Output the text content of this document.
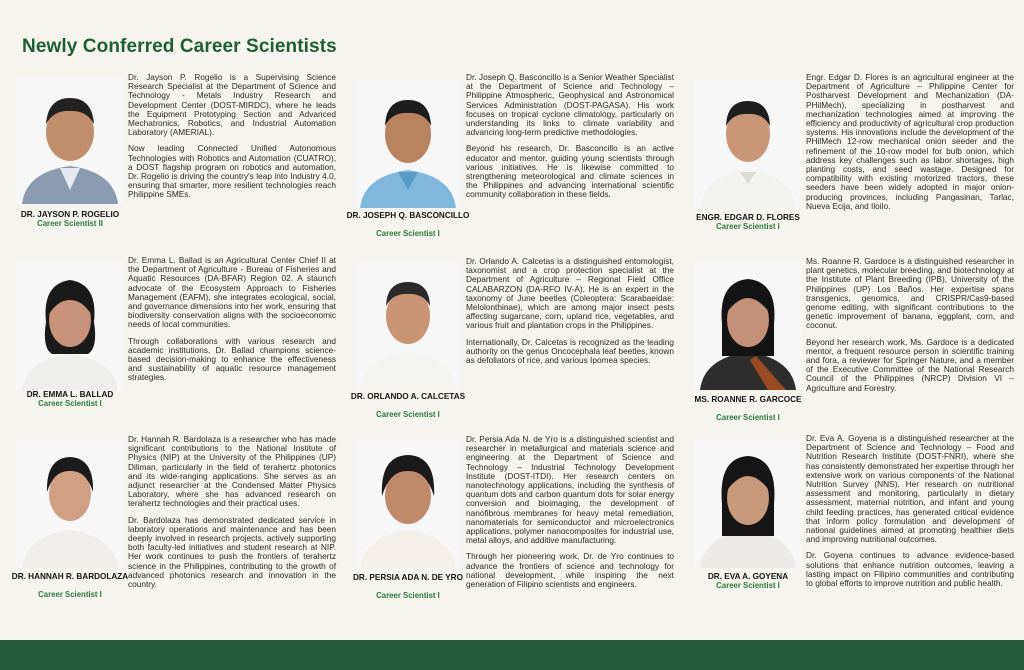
Newly Conferred Career Scientists
DR. JAYSON P. ROGELIO
Career Scientist II

Dr. Jayson P. Rogelio is a Supervising Science Research Specialist at the Department of Science and Technology - Metals Industry Research and Development Center (DOST-MIRDC), where he leads the Equipment Prototyping Section and Advanced Mechatronics, Robotics, and Industrial Automation Laboratory (AMERIAL).

Now leading Connected Unified Autonomous Technologies with Robotics and Automation (CUATRO), a DOST flagship program on robotics and automation, Dr. Rogelio is driving the country's leap into Industry 4.0, ensuring that smarter, more resilient technologies reach Philippine SMEs.

DR. JOSEPH Q. BASCONCILLO
Career Scientist I

Dr. Joseph Q. Basconcillo is a Senior Weather Specialist at the Department of Science and Technology – Philippine Atmospheric, Geophysical and Astronomical Services Administration (DOST-PAGASA). His work focuses on tropical cyclone climatology, particularly on understanding its links to climate variability and advancing long-term predictive methodologies.

Beyond his research, Dr. Basconcillo is an active educator and mentor, guiding young scientists through various initiatives. He is likewise committed to strengthening meteorological and climate sciences in the Philippines and advancing international scientific community collaboration in these fields.

ENGR. EDGAR D. FLORES
Career Scientist I

Engr. Edgar D. Flores is an agricultural engineer at the Department of Agriculture – Philippine Center for Postharvest Development and Mechanization (DA-PHilMech), specializing in postharvest and mechanization technologies aimed at improving the efficiency and productivity of agricultural crop production systems. His innovations include the development of the PHilMech 12-row mechanical onion seeder and the refinement of the 10-row model for bulb onion, which address key challenges such as labor shortages, high planting costs, and seed wastage. Designed for compatibility with existing motorized tractors, these seeders have been widely adopted in major onion-producing provinces, including Pangasinan, Tarlac, Nueva Ecija, and Iloilo.

DR. EMMA L. BALLAD
Career Scientist I

Dr. Emma L. Ballad is an Agricultural Center Chief II at the Department of Agriculture - Bureau of Fisheries and Aquatic Resources (DA-BFAR) Region 02. A staunch advocate of the Ecosystem Approach to Fisheries Management (EAFM), she integrates ecological, social, and governance dimensions into her work, ensuring that biodiversity conservation aligns with the socioeconomic needs of local communities.

Through collaborations with various research and academic institutions, Dr. Ballad champions science-based decision-making to enhance the effectiveness and sustainability of aquatic resource management strategies.

DR. ORLANDO A. CALCETAS
Career Scientist I

Dr. Orlando A. Calcetas is a distinguished entomologist, taxonomist and a crop protection specialist at the Department of Agriculture – Regional Field Office CALABARZON (DA-RFO IV-A). He is an expert in the taxonomy of June beetles (Coleoptera: Scarabaeidae: Melolonthinae), which are among major insect pests affecting sugarcane, corn, upland rice, vegetables, and various fruit and plantation crops in the Philippines.

Internationally, Dr. Calcetas is recognized as the leading authority on the genus Oncocephala leaf beetles, known as defoliators of rice, and various Ipomea species.

MS. ROANNE R. GARCOCE
Career Scientist I

Ms. Roanne R. Gardoce is a distinguished researcher in plant genetics, molecular breeding, and biotechnology at the Institute of Plant Breeding (IPB), University of the Philippines (UP) Los Baños. Her expertise spans transgenics, genomics, and CRISPR/Cas9-based genome editing, with significant contributions to the genetic improvement of banana, eggplant, corn, and coconut.

Beyond her research work, Ms. Gardoce is a dedicated mentor, a frequent resource person in scientific training and fora, a reviewer for Springer Nature, and a member of the Executive Committee of the National Research Council of the Philippines (NRCP) Division VI – Agriculture and Forestry.

DR. HANNAH R. BARDOLAZA
Career Scientist I

Dr. Hannah R. Bardolaza is a researcher who has made significant contributions to the National Institute of Physics (NIP) at the University of the Philippines (UP) Diliman, particularly in the field of terahertz photonics and its wide-ranging applications. She serves as an adjunct researcher at the Condensed Matter Physics Laboratory, where she has advanced research on terahertz technologies and their practical uses.

Dr. Bardolaza has demonstrated dedicated service in laboratory operations and maintenance and has been deeply involved in research projects, actively supporting both faculty-led initiatives and student research at NIP. Her work continues to push the frontiers of terahertz science in the Philippines, contributing to the growth of advanced photonics research and innovation in the country.

DR. PERSIA ADA N. DE YRO
Career Scientist I

Dr. Persia Ada N. de Yro is a distinguished scientist and researcher in metallurgical and materials science and engineering at the Department of Science and Technology – Industrial Technology Development Institute (DOST-ITDI). Her research centers on nanotechnology applications, including the synthesis of quantum dots and carbon quantum dots for solar energy conversion and bioimaging, the development of nanofibrous membranes for heavy metal remediation, nanomaterials for semiconductor and microelectronics applications, polymer nanocomposites for industrial use, metal alloys, and additive manufacturing.

Through her pioneering work, Dr. de Yro continues to advance the frontiers of science and technology for national development, while inspiring the next generation of Filipino scientists and engineers.

DR. EVA A. GOYENA
Career Scientist I

Dr. Eva A. Goyena is a distinguished researcher at the Department of Science and Technology – Food and Nutrition Research Institute (DOST-FNRI), where she has consistently demonstrated her expertise through her extensive work on various components of the National Nutrition Survey (NNS). Her research on nutritional assessment and monitoring, particularly in dietary assessment, maternal nutrition, and infant and young child feeding practices, has generated critical evidence that inform policy formulation and development of national guidelines aimed at promoting healthier diets and improving nutritional outcomes.

Dr. Goyena continues to advance evidence-based solutions that enhance nutrition outcomes, leaving a lasting impact on Filipino communities and contributing to global efforts to improve nutrition and public health.
